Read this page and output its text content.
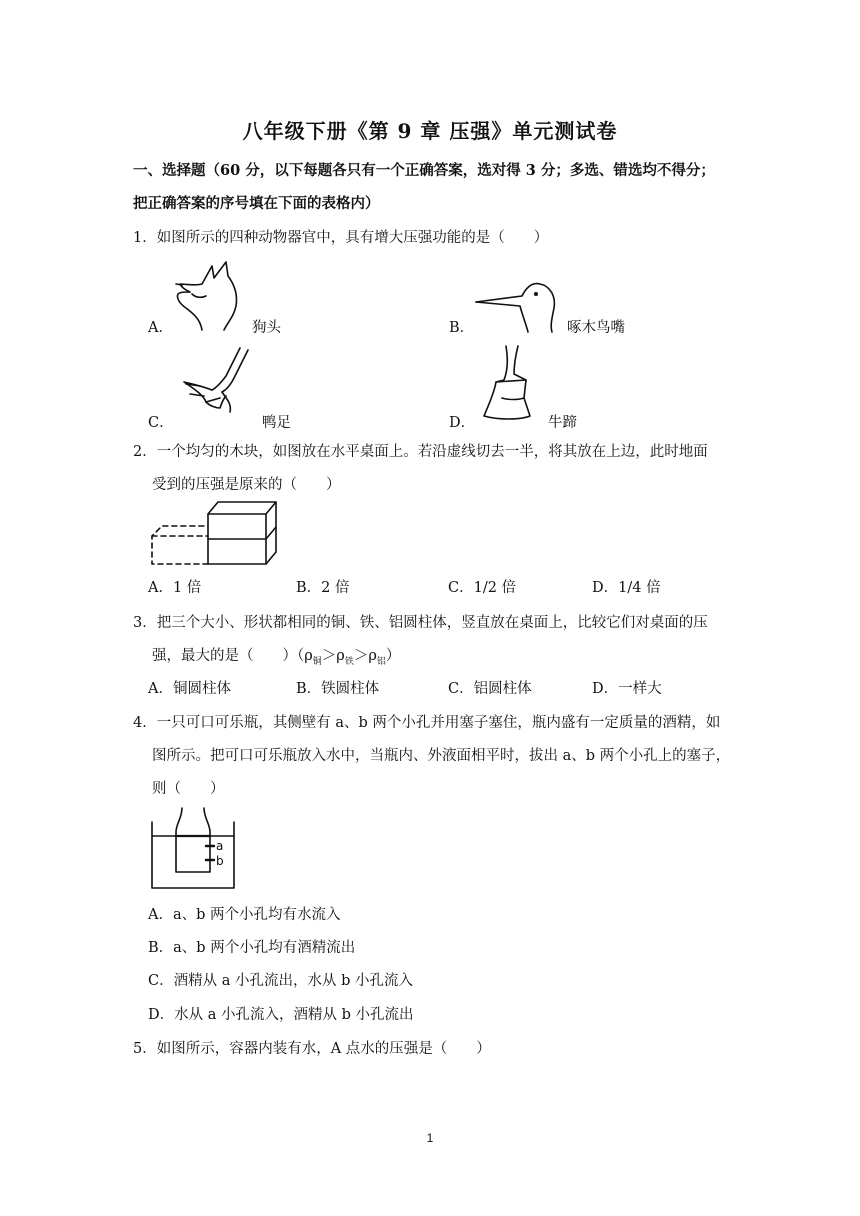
八年级下册《第 9 章 压强》单元测试卷
一、选择题（60 分，以下每题各只有一个正确答案，选对得 3 分；多选、错选均不得分；
把正确答案的序号填在下面的表格内）
1．如图所示的四种动物器官中，具有增大压强功能的是（　　）
A．	狗头	B．	啄木鸟嘴
C．	鸭足	D．	牛蹄
2．一个均匀的木块，如图放在水平桌面上。若沿虚线切去一半，将其放在上边，此时地面
受到的压强是原来的（　　）
A．1 倍	B．2 倍	C．1/2 倍	D．1/4 倍
3．把三个大小、形状都相同的铜、铁、铝圆柱体，竖直放在桌面上，比较它们对桌面的压
强，最大的是（　　）$(\rho_铜>\rho_铁>\rho_铝)$
A．铜圆柱体	B．铁圆柱体	C．铝圆柱体	D．一样大
4．一只可口可乐瓶，其侧壁有 a、b 两个小孔并用塞子塞住，瓶内盛有一定质量的酒精，如
图所示。把可口可乐瓶放入水中，当瓶内、外液面相平时，拔出 a、b 两个小孔上的塞子，
则（　　）
a
b
A．a、b 两个小孔均有水流入
B．a、b 两个小孔均有酒精流出
C．酒精从 a 小孔流出，水从 b 小孔流入
D．水从 a 小孔流入，酒精从 b 小孔流出
5．如图所示，容器内装有水，A 点水的压强是（　　）
1
